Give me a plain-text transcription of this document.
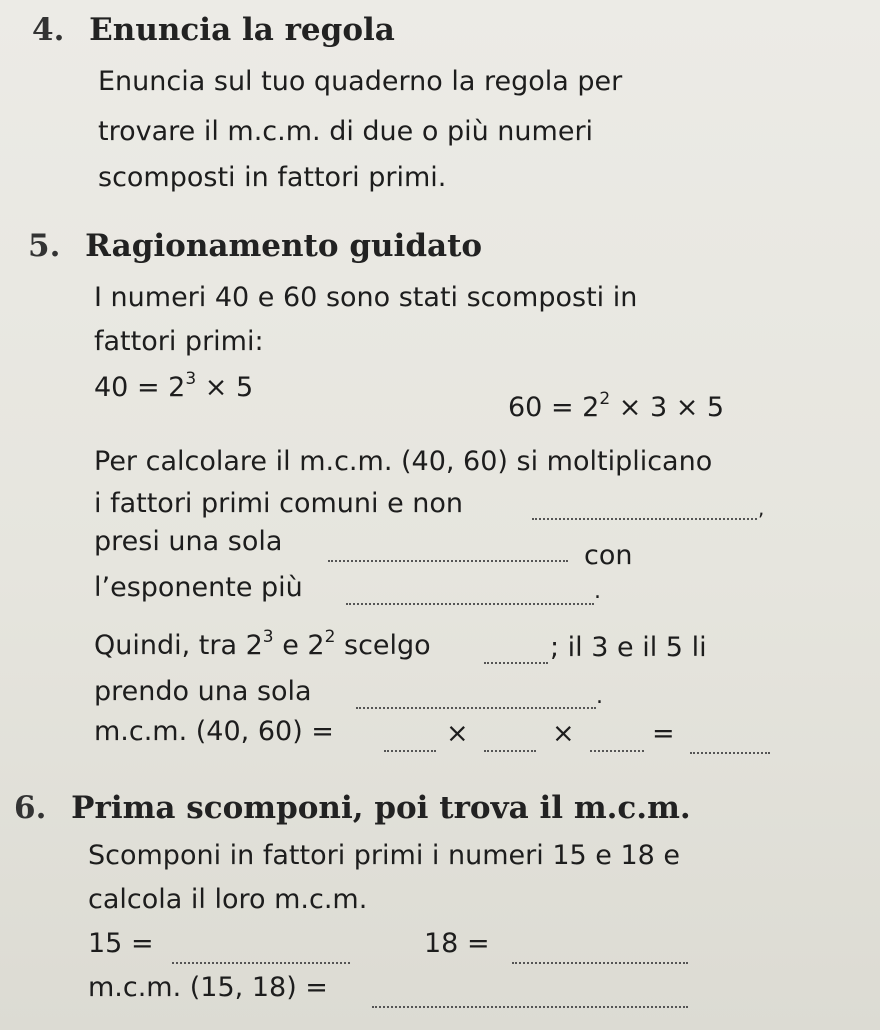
4. Enuncia la regola
Enuncia sul tuo quaderno la regola per
trovare il m.c.m. di due o più numeri
scomposti in fattori primi.
5. Ragionamento guidato
I numeri 40 e 60 sono stati scomposti in
fattori primi:
$40 = 2^3 \times 5$
$60 = 2^2 \times 3 \times 5$
Per calcolare il m.c.m. (40, 60) si moltiplicano
i fattori primi comuni e non	,
presi una sola	con
l’esponente più	.
Quindi, tra $2^3$ e $2^2$ scelgo	; il 3 e il 5 li
prendo una sola	.
m.c.m. (40, 60) =	×	×	=
6. Prima scomponi, poi trova il m.c.m.
Scomponi in fattori primi i numeri 15 e 18 e
calcola il loro m.c.m.
15 =	18 =
m.c.m. (15, 18) =
